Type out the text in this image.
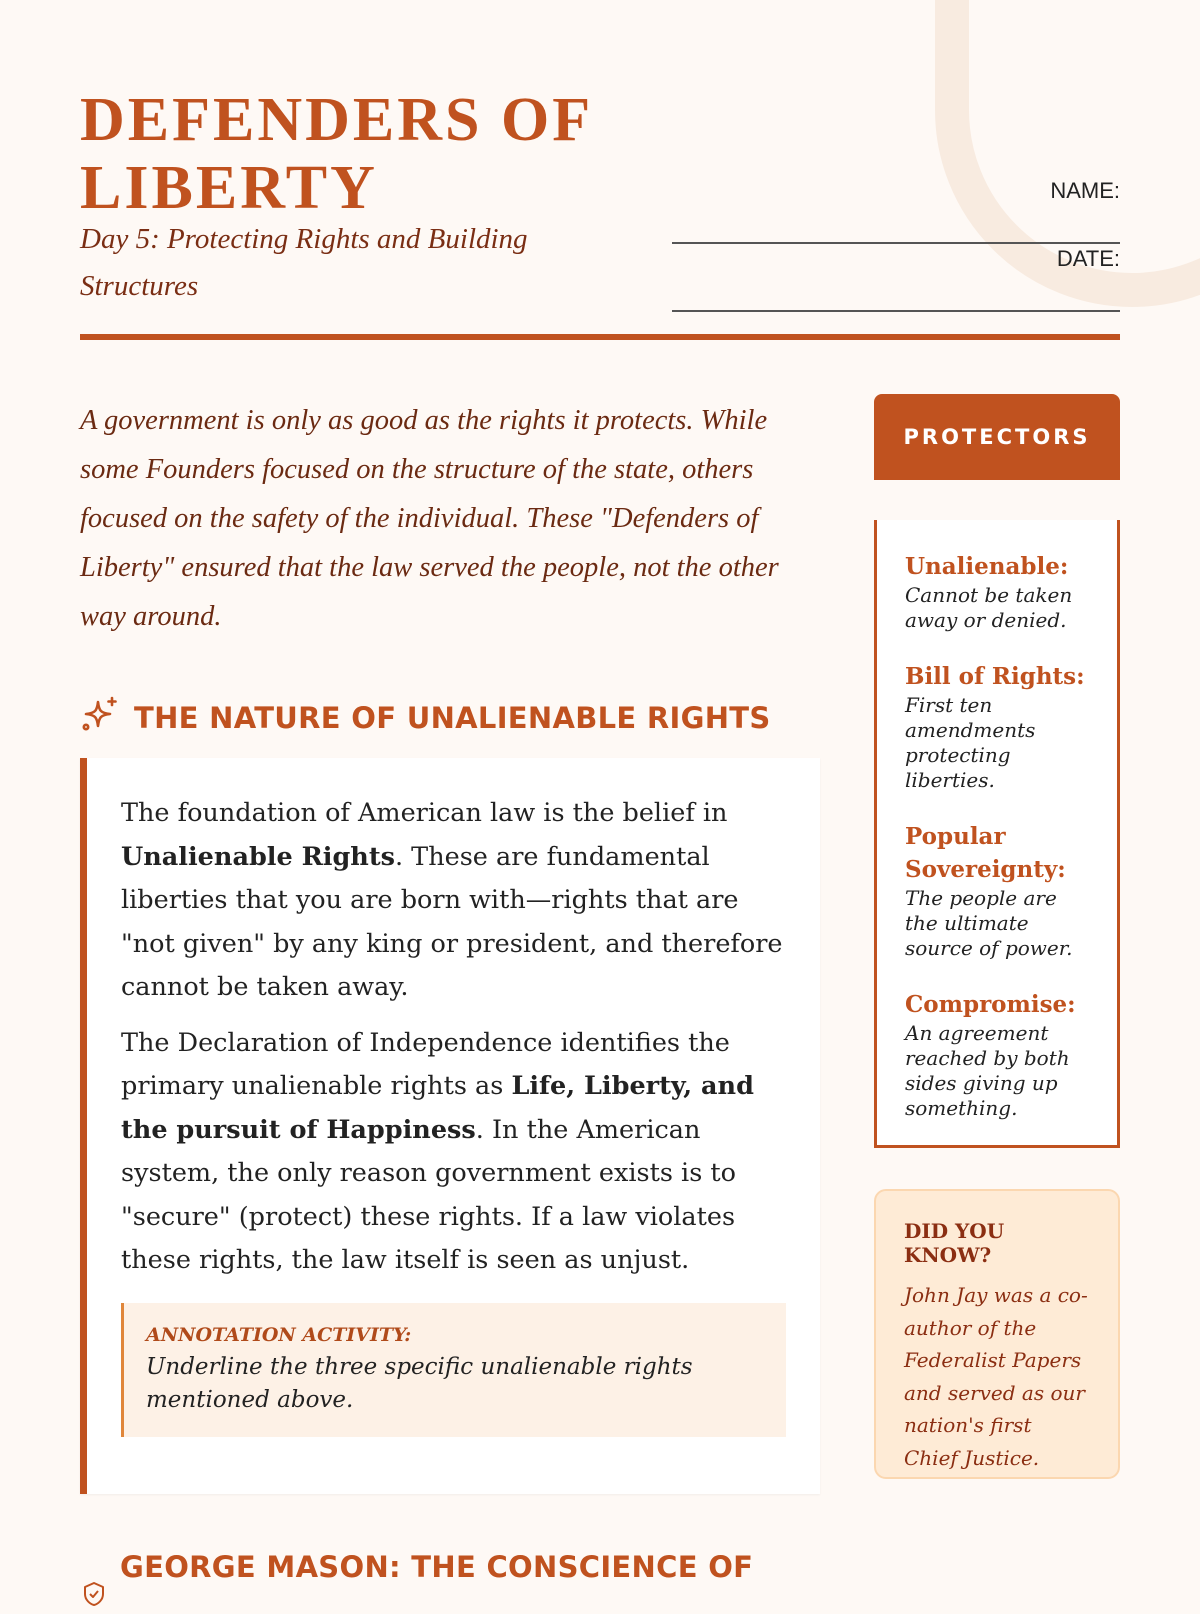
DEFENDERS OF LIBERTY
Day 5: Protecting Rights and Building Structures
NAME:
DATE:

A government is only as good as the rights it protects. While some Founders focused on the structure of the state, others focused on the safety of the individual. These "Defenders of Liberty" ensured that the law served the people, not the other way around.

THE NATURE OF UNALIENABLE RIGHTS

The foundation of American law is the belief in Unalienable Rights. These are fundamental liberties that you are born with—rights that are "not given" by any king or president, and therefore cannot be taken away.

The Declaration of Independence identifies the primary unalienable rights as Life, Liberty, and the pursuit of Happiness. In the American system, the only reason government exists is to "secure" (protect) these rights. If a law violates these rights, the law itself is seen as unjust.

ANNOTATION ACTIVITY:
Underline the three specific unalienable rights mentioned above.
GEORGE MASON: THE CONSCIENCE OF
PROTECTORS
Unalienable:
Cannot be taken away or denied.
Bill of Rights:
First ten amendments protecting liberties.
Popular Sovereignty:
The people are the ultimate source of power.
Compromise:
An agreement reached by both sides giving up something.
DID YOU KNOW?
John Jay was a co-author of the Federalist Papers and served as our nation's first Chief Justice.
